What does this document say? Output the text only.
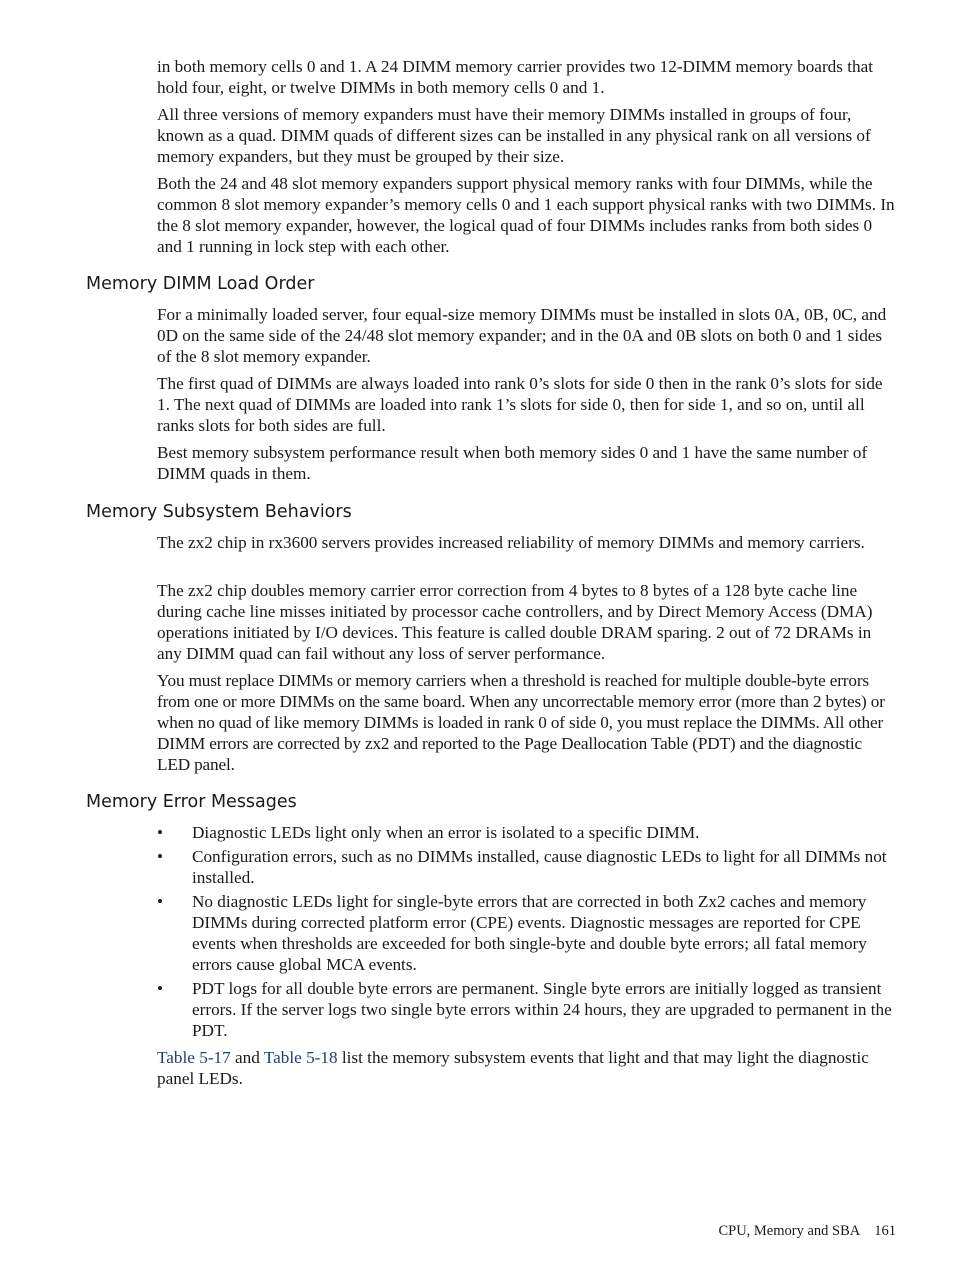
in both memory cells 0 and 1. A 24 DIMM memory carrier provides two 12-DIMM memory boards that hold four, eight, or twelve DIMMs in both memory cells 0 and 1.

All three versions of memory expanders must have their memory DIMMs installed in groups of four, known as a quad. DIMM quads of different sizes can be installed in any physical rank on all versions of memory expanders, but they must be grouped by their size.

Both the 24 and 48 slot memory expanders support physical memory ranks with four DIMMs, while the common 8 slot memory expander’s memory cells 0 and 1 each support physical ranks with two DIMMs. In the 8 slot memory expander, however, the logical quad of four DIMMs includes ranks from both sides 0 and 1 running in lock step with each other.

Memory DIMM Load Order

For a minimally loaded server, four equal-size memory DIMMs must be installed in slots 0A, 0B, 0C, and 0D on the same side of the 24/48 slot memory expander; and in the 0A and 0B slots on both 0 and 1 sides of the 8 slot memory expander.

The first quad of DIMMs are always loaded into rank 0’s slots for side 0 then in the rank 0’s slots for side 1. The next quad of DIMMs are loaded into rank 1’s slots for side 0, then for side 1, and so on, until all ranks slots for both sides are full.

Best memory subsystem performance result when both memory sides 0 and 1 have the same number of DIMM quads in them.

Memory Subsystem Behaviors

The zx2 chip in rx3600 servers provides increased reliability of memory DIMMs and memory carriers.

The zx2 chip doubles memory carrier error correction from 4 bytes to 8 bytes of a 128 byte cache line during cache line misses initiated by processor cache controllers, and by Direct Memory Access (DMA) operations initiated by I/O devices. This feature is called double DRAM sparing. 2 out of 72 DRAMs in any DIMM quad can fail without any loss of server performance.

You must replace DIMMs or memory carriers when a threshold is reached for multiple double-byte errors from one or more DIMMs on the same board. When any uncorrectable memory error (more than 2 bytes) or when no quad of like memory DIMMs is loaded in rank 0 of side 0, you must replace the DIMMs. All other DIMM errors are corrected by zx2 and reported to the Page Deallocation Table (PDT) and the diagnostic LED panel.

Memory Error Messages
•	Diagnostic LEDs light only when an error is isolated to a specific DIMM.
•	Configuration errors, such as no DIMMs installed, cause diagnostic LEDs to light for all DIMMs not installed.
•	No diagnostic LEDs light for single-byte errors that are corrected in both Zx2 caches and memory DIMMs during corrected platform error (CPE) events. Diagnostic messages are reported for CPE events when thresholds are exceeded for both single-byte and double byte errors; all fatal memory errors cause global MCA events.
•	PDT logs for all double byte errors are permanent. Single byte errors are initially logged as transient errors. If the server logs two single byte errors within 24 hours, they are upgraded to permanent in the PDT.

Table 5-17 and Table 5-18 list the memory subsystem events that light and that may light the diagnostic panel LEDs.

CPU, Memory and SBA 161
